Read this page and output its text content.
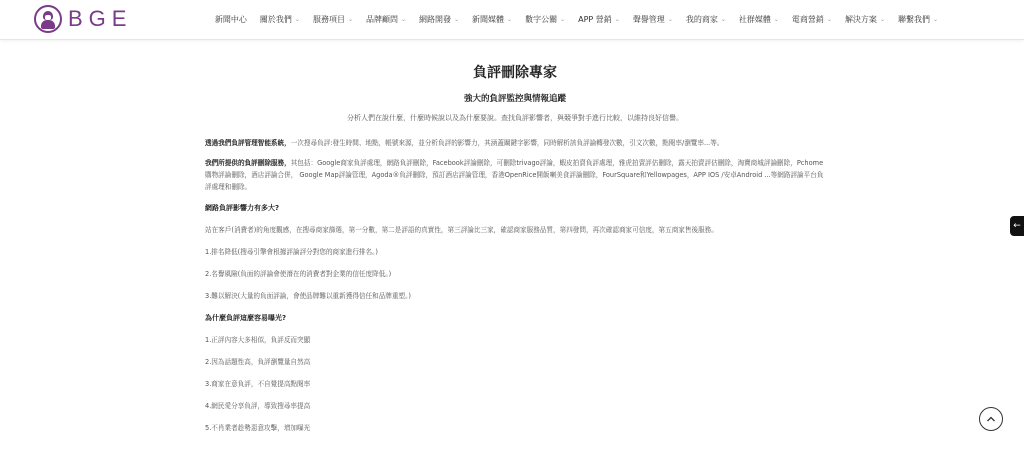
BGE	新聞中心 關於我們 ⌄ 服務項目 ⌄ 品牌顧問 ⌄ 網路開發 ⌄ 新聞媒體 ⌄ 數字公關 ⌄ APP 營銷 ⌄ 聲譽管理 ⌄ 我的商家 ⌄ 社群媒體 ⌄ 電商營銷 ⌄ 解決方案 ⌄ 聯繫我們 ⌄
負評刪除專家
強大的負評監控與情報追蹤
分析人們在說什麼，什麼時候說以及為什麼要說。查找負評影響者，與競爭對手進行比較，以維持良好信譽。

透過我們負評管理智能系統，一次搜尋負評:發生時間、地點，帳號來源，並分析負評的影響力，其涵蓋關鍵字影響，同時解析該負評論轉發次數，引文次數，點閱率/瀏覽率...等。

我們所提供的負評刪除服務，其包括：Google商家負評處理，網路負評刪除，Facebook評論刪除，可刪除trivago評論，蝦皮拍賣負評處理，雅虎拍賣評估刪除，露天拍賣評估刪除，淘寶商城評論刪除，Pchome購物評論刪除，酒店評論合併， Google Map評論管理，Agoda®負評刪除，預訂酒店評論管理，香港OpenRice開飯喇美食評論刪除，FourSquare和Yellowpages，APP IOS /安卓Android ...等網路評論平台負評處理和刪除。

網路負評影響力有多大?
站在客戶(消費者)的角度觀感，在搜尋商家篩選，第一分數，第二是評語的真實性，第三評論比三家，確認商家服務品質，第四發問，再次確認商家可信度，第五商家售後服務。
1.排名降低(搜尋引擎會根據評論評分對您的商家進行排名。)
2.名譽風險(負面的評論會使潛在的消費者對企業的信任度降低。)
3.難以解決(大量的負面評論，會使品牌難以重新獲得信任和品牌重塑。)
為什麼負評這麼容易曝光?
1.正評內容大多相似，負評反而突顯
2.因為話題性高，負評瀏覽量自然高
3.商家在意負評，不自覺提高點閱率
4.網民愛分享負評，導致搜尋率提高
5.不肖業者趁勢惡意攻擊，增加曝光
←
